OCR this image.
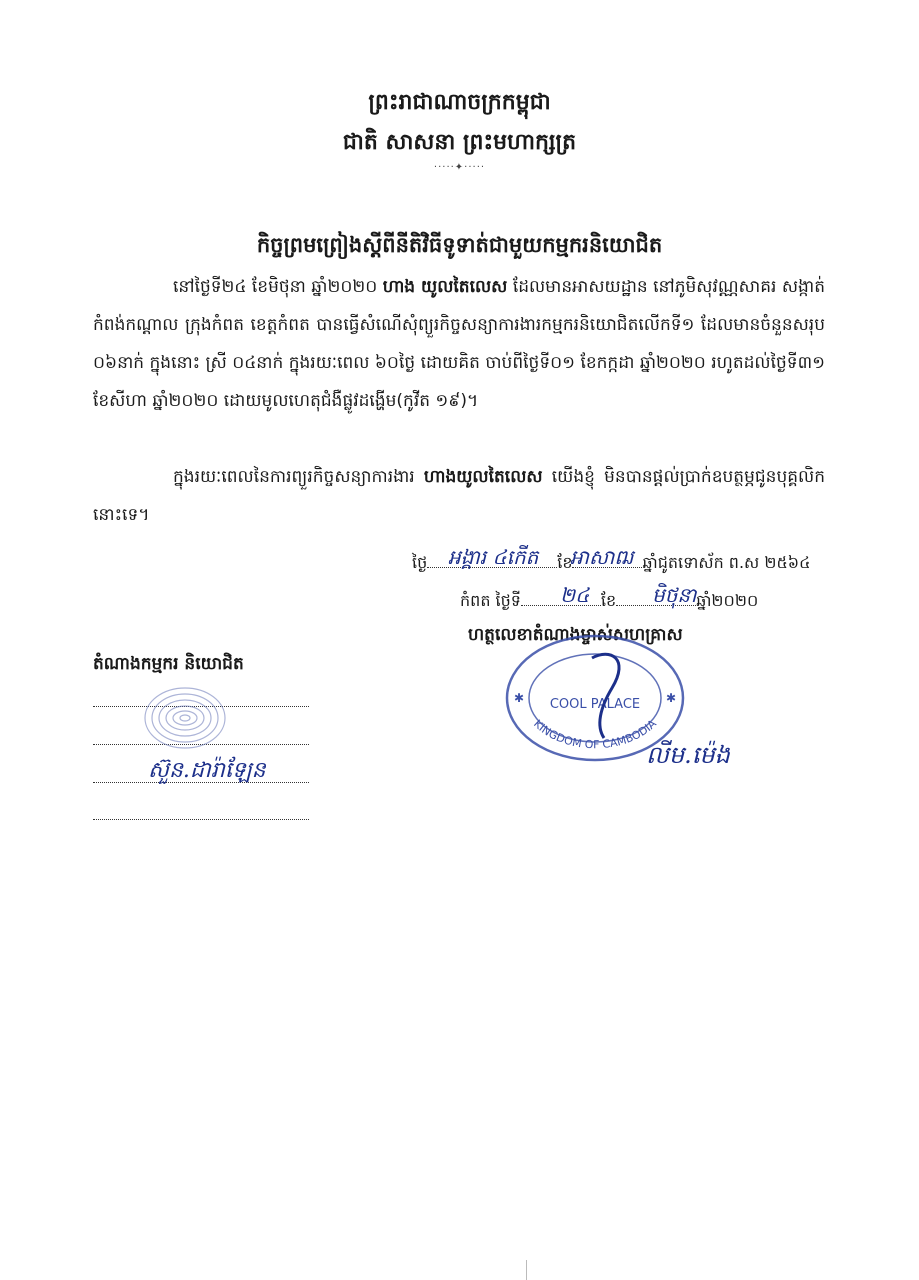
ព្រះរាជាណាចក្រកម្ពុជា
ជាតិ សាសនា ព្រះមហាក្សត្រ
·····✦·····
កិច្ចព្រមព្រៀងស្តីពីនីតិវិធីទូទាត់ជាមួយកម្មករនិយោជិត
នៅថ្ងៃទី២៤ ខែមិថុនា ឆ្នាំ២០២០ ហាង យូលតៃលេស ដែលមានអាសយដ្ឋាន នៅភូមិសុវណ្ណសាគរ សង្កាត់កំពង់កណ្តាល ក្រុងកំពត ខេត្តកំពត បានធ្វើសំណើសុំព្យួរកិច្ចសន្យាការងារកម្មករនិយោជិតលើកទី១ ដែលមានចំនួនសរុប ០៦នាក់ ក្នុងនោះ ស្រី ០៤នាក់ ក្នុងរយៈពេល ៦០ថ្ងៃ ដោយគិត ចាប់ពីថ្ងៃទី០១ ខែកក្កដា ឆ្នាំ២០២០ រហូតដល់ថ្ងៃទី៣១ ខែសីហា ឆ្នាំ២០២០ ដោយមូលហេតុជំងឺផ្លូវដង្ហើម(កូវីត ១៩)។
ក្នុងរយៈពេលនៃការព្យួរកិច្ចសន្យាការងារ ហាងយូលតៃលេស យើងខ្ញុំ មិនបានផ្តល់ប្រាក់ឧបត្ថម្ភជូនបុគ្គលិកនោះទេ។
ថ្ងៃ	ខែ	ឆ្នាំជូតទោស័ក ព.ស ២៥៦៤
អង្គារ ៤កើត អាសាឍ
កំពត ថ្ងៃទី	ខែ	ឆ្នាំ២០២០
២៤	មិថុនា
ហត្ថលេខាតំណាងម្ចាស់សហគ្រាស
COOL PALACE
KINGDOM OF CAMBODIA
✱	✱
លីម.ម៉េង
តំណាងកម្មករ និយោជិត
ស៊ួន.ដារ៉ាឡែន
